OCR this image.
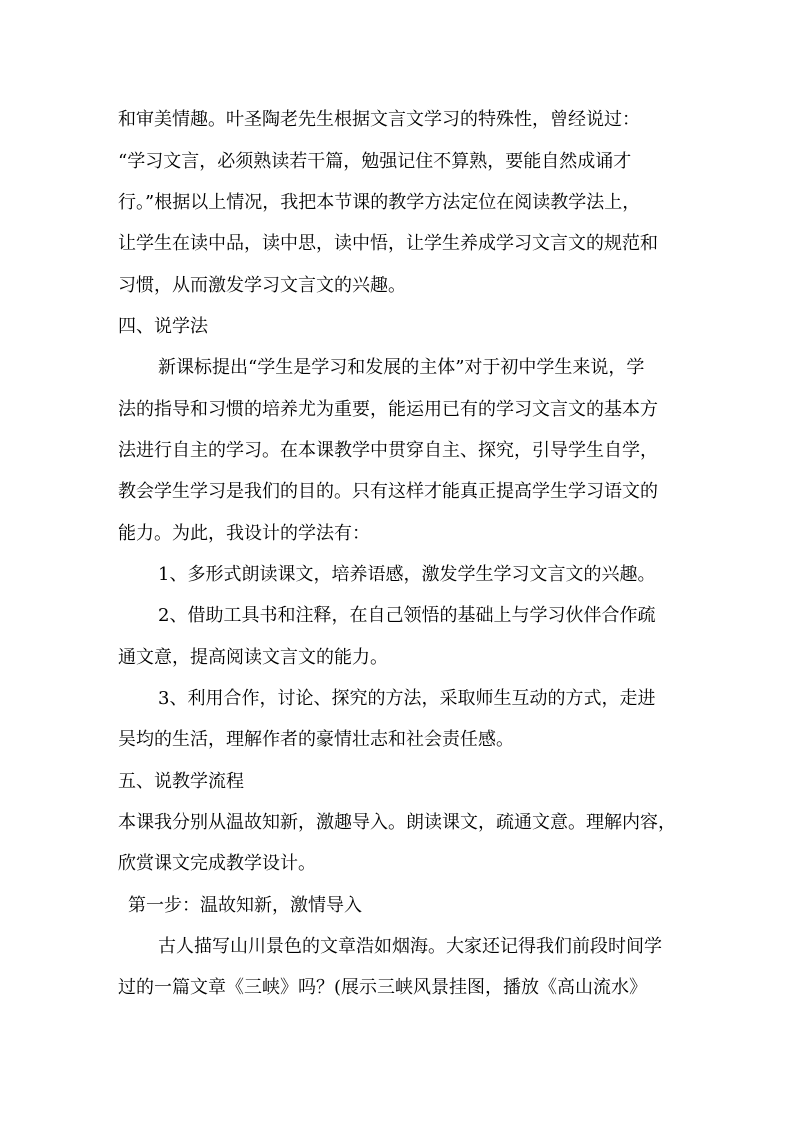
和审美情趣。叶圣陶老先生根据文言文学习的特殊性，曾经说过：
“学习文言，必须熟读若干篇，勉强记住不算熟，要能自然成诵才
行。”根据以上情况，我把本节课的教学方法定位在阅读教学法上，
让学生在读中品，读中思，读中悟，让学生养成学习文言文的规范和
习惯，从而激发学习文言文的兴趣。
四、说学法
新课标提出“学生是学习和发展的主体”对于初中学生来说，学
法的指导和习惯的培养尤为重要，能运用已有的学习文言文的基本方
法进行自主的学习。在本课教学中贯穿自主、探究，引导学生自学，
教会学生学习是我们的目的。只有这样才能真正提高学生学习语文的
能力。为此，我设计的学法有：
1、多形式朗读课文，培养语感，激发学生学习文言文的兴趣。
2、借助工具书和注释，在自己领悟的基础上与学习伙伴合作疏
通文意，提高阅读文言文的能力。
3、利用合作，讨论、探究的方法，采取师生互动的方式，走进
吴均的生活，理解作者的豪情壮志和社会责任感。
五、说教学流程
本课我分别从温故知新，激趣导入。朗读课文，疏通文意。理解内容，
欣赏课文完成教学设计。
第一步：温故知新，激情导入
古人描写山川景色的文章浩如烟海。大家还记得我们前段时间学
过的一篇文章《三峡》吗？(展示三峡风景挂图，播放《高山流水》
